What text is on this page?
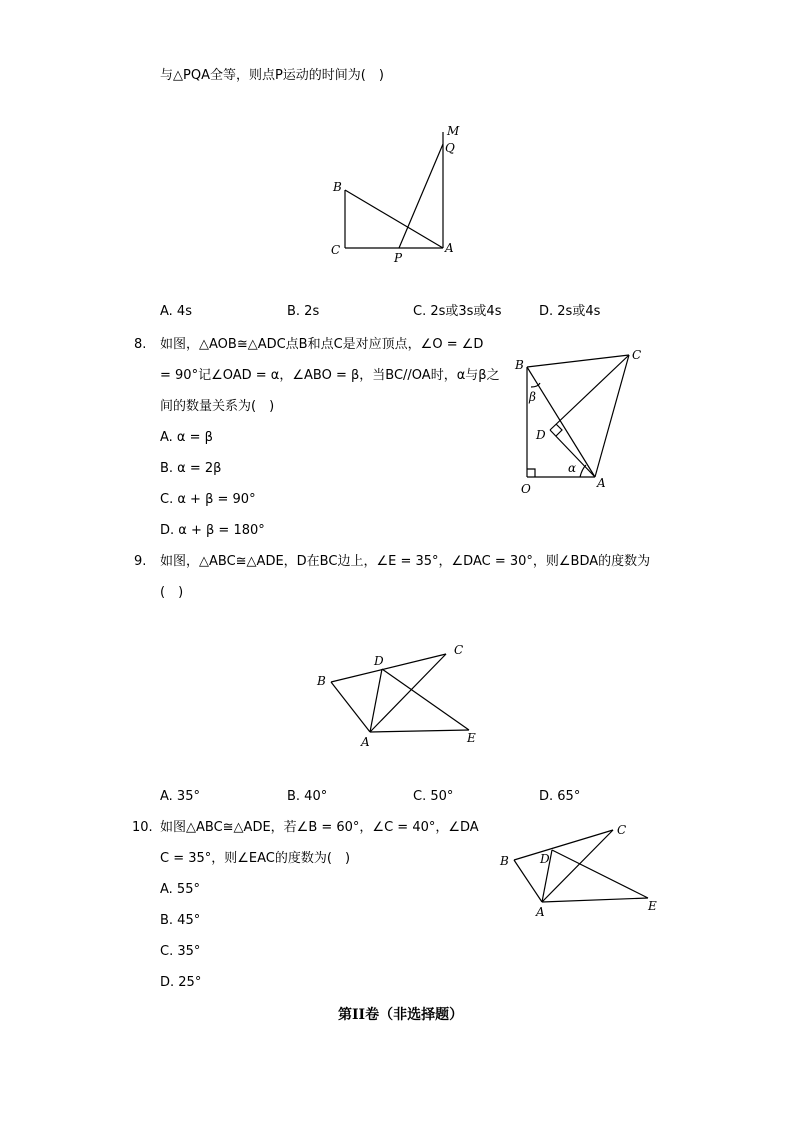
与△PQA全等，则点P运动的时间为(　)
M
Q
B
C
P
A
A. 4s	B. 2s	C. 2s或3s或4s	D. 2s或4s
8. 如图，△AOB≅△ADC点B和点C是对应顶点，∠O = ∠D
= 90°记∠OAD = α，∠ABO = β，当BC//OA时，α与β之
间的数量关系为(　)
A. α = β
B. α = 2β
C. α + β = 90°
D. α + β = 180°
B
C
β
D
α
O	A
9. 如图，△ABC≅△ADE，D在BC边上，∠E = 35°，∠DAC = 30°，则∠BDA的度数为
(　)
B
D
C
A	E
A. 35°	B. 40°	C. 50°	D. 65°
10. 如图△ABC≅△ADE，若∠B = 60°，∠C = 40°，∠DA
C = 35°，则∠EAC的度数为(　)
A. 55°
B. 45°
C. 35°
D. 25°
B	D
C
A	E
第II卷（非选择题）
